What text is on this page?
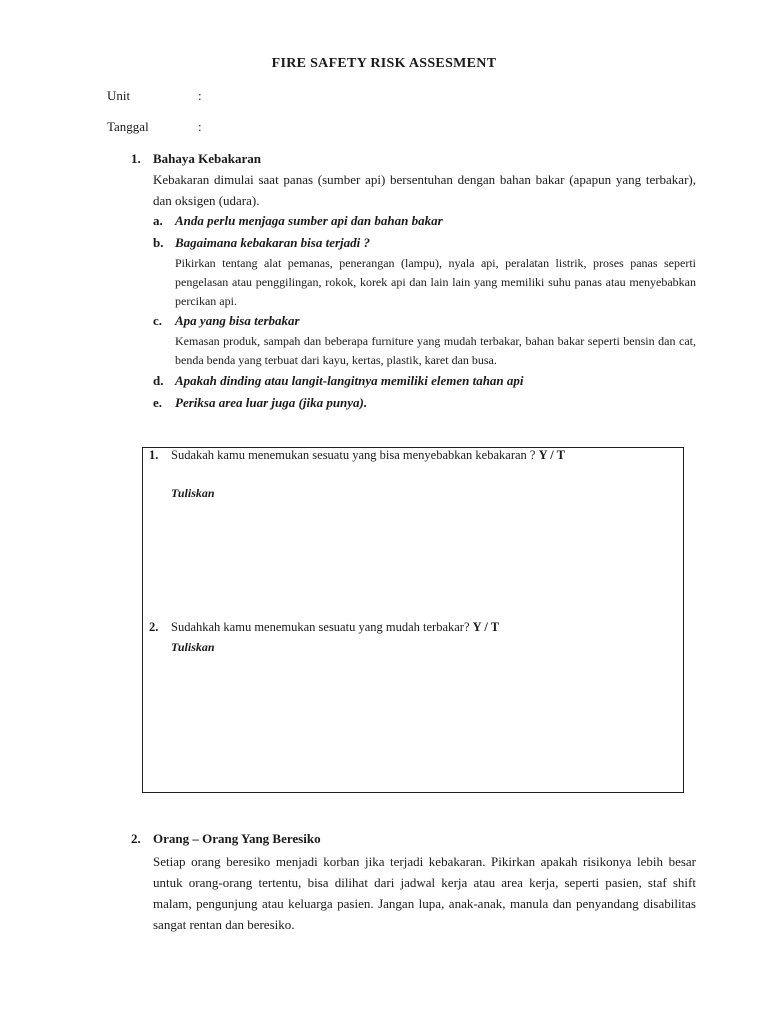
FIRE SAFETY RISK ASSESMENT
Unit	:
Tanggal	:
1. Bahaya Kebakaran
Kebakaran dimulai saat panas (sumber api) bersentuhan dengan bahan bakar (apapun yang terbakar), dan oksigen (udara).
a. Anda perlu menjaga sumber api dan bahan bakar
b. Bagaimana kebakaran bisa terjadi ?
Pikirkan tentang alat pemanas, penerangan (lampu), nyala api, peralatan listrik, proses panas seperti pengelasan atau penggilingan, rokok, korek api dan lain lain yang memiliki suhu panas atau menyebabkan percikan api.
c. Apa yang bisa terbakar
Kemasan produk, sampah dan beberapa furniture yang mudah terbakar, bahan bakar seperti bensin dan cat, benda benda yang terbuat dari kayu, kertas, plastik, karet dan busa.
d. Apakah dinding atau langit-langitnya memiliki elemen tahan api
e. Periksa area luar juga (jika punya).
1. Sudakah kamu menemukan sesuatu yang bisa menyebabkan kebakaran ? Y / T
Tuliskan
2. Sudahkah kamu menemukan sesuatu yang mudah terbakar? Y / T
Tuliskan
2. Orang – Orang Yang Beresiko
Setiap orang beresiko menjadi korban jika terjadi kebakaran. Pikirkan apakah risikonya lebih besar untuk orang-orang tertentu, bisa dilihat dari jadwal kerja atau area kerja, seperti pasien, staf shift malam, pengunjung atau keluarga pasien. Jangan lupa, anak-anak, manula dan penyandang disabilitas sangat rentan dan beresiko.
